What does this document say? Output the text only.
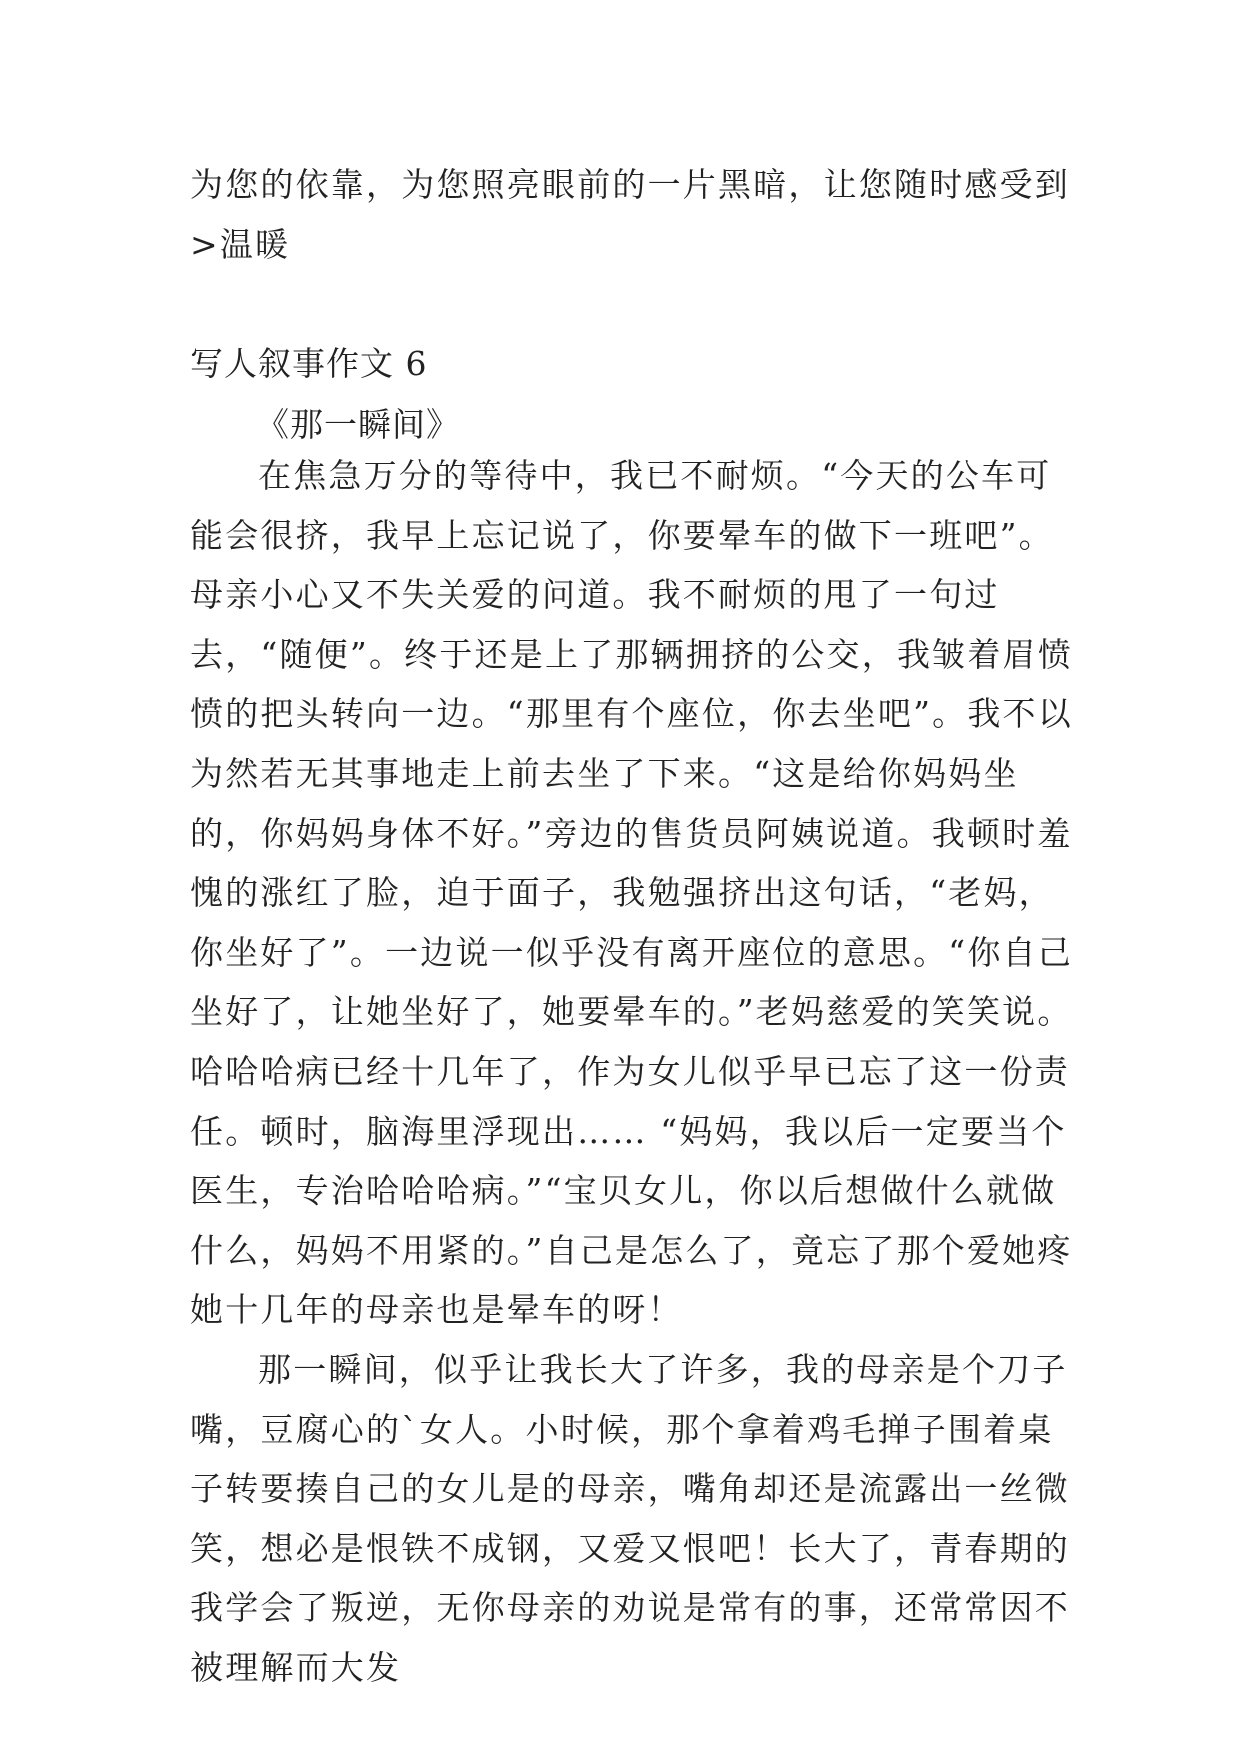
为您的依靠，为您照亮眼前的一片黑暗，让您随时感受到>温暖

写人叙事作文 6
《那一瞬间》

在焦急万分的等待中，我已不耐烦。“今天的公车可能会很挤，我早上忘记说了，你要晕车的做下一班吧”。母亲小心又不失关爱的问道。我不耐烦的甩了一句过去，“随便”。终于还是上了那辆拥挤的公交，我皱着眉愤愤的把头转向一边。“那里有个座位，你去坐吧”。我不以为然若无其事地走上前去坐了下来。“这是给你妈妈坐的，你妈妈身体不好。”旁边的售货员阿姨说道。我顿时羞愧的涨红了脸，迫于面子，我勉强挤出这句话，“老妈，你坐好了”。一边说一似乎没有离开座位的意思。“你自己坐好了，让她坐好了，她要晕车的。”老妈慈爱的笑笑说。哈哈哈病已经十几年了，作为女儿似乎早已忘了这一份责任。顿时，脑海里浮现出…… “妈妈，我以后一定要当个医生，专治哈哈哈病。”“宝贝女儿，你以后想做什么就做什么，妈妈不用紧的。”自己是怎么了，竟忘了那个爱她疼她十几年的母亲也是晕车的呀！

那一瞬间，似乎让我长大了许多，我的母亲是个刀子嘴，豆腐心的`女人。小时候，那个拿着鸡毛掸子围着桌子转要揍自己的女儿是的母亲，嘴角却还是流露出一丝微笑，想必是恨铁不成钢，又爱又恨吧！长大了，青春期的我学会了叛逆，无你母亲的劝说是常有的事，还常常因不被理解而大发
